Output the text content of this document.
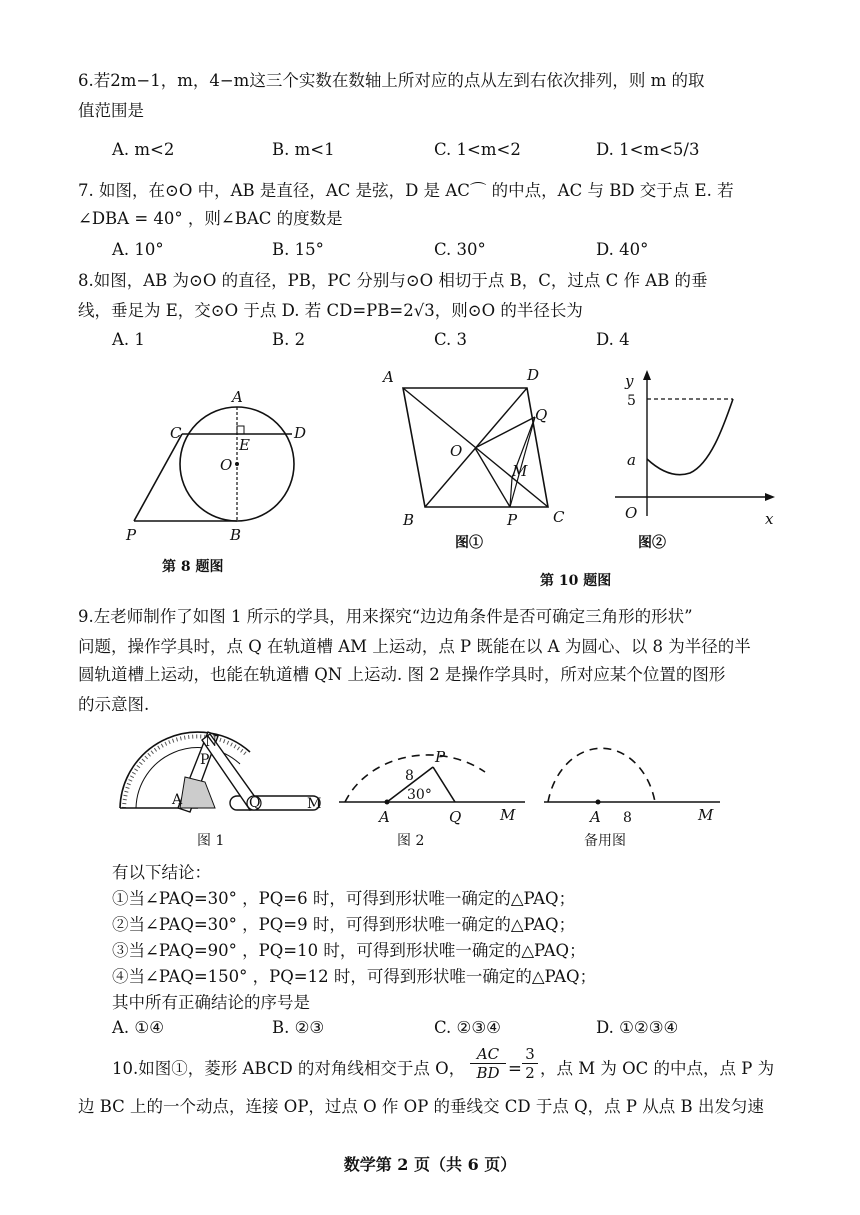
6.若2m−1，m，4−m这三个实数在数轴上所对应的点从左到右依次排列，则 m 的取
值范围是
A. m<2	B. m<1	C. 1<m<2	D. 1<m<5/3
7. 如图，在⊙O 中，AB 是直径，AC 是弦，D 是 AC⌒ 的中点，AC 与 BD 交于点 E. 若
∠DBA = 40° ，则∠BAC 的度数是
A. 10°	B. 15°	C. 30°	D. 40°
8.如图，AB 为⊙O 的直径，PB，PC 分别与⊙O 相切于点 B，C，过点 C 作 AB 的垂
线，垂足为 E，交⊙O 于点 D. 若 CD=PB=2√3，则⊙O 的半径长为
A. 1	B. 2	C. 3	D. 4
A
C	D
E
O
P	B
第 8 题图
A	D
Q
O
M
B	P C
图①
y
5
a
O	x
图②
第 10 题图
9.左老师制作了如图 1 所示的学具，用来探究“边边角条件是否可确定三角形的形状”
问题，操作学具时，点 Q 在轨道槽 AM 上运动，点 P 既能在以 A 为圆心、以 8 为半径的半
圆轨道槽上运动，也能在轨道槽 QN 上运动. 图 2 是操作学具时，所对应某个位置的图形
的示意图.
A	Q	M
N
P
图 1
P
8
30°
A	Q	M
图 2
A 8	M
备用图
有以下结论：
①当∠PAQ=30° ，PQ=6 时，可得到形状唯一确定的△PAQ；
②当∠PAQ=30° ，PQ=9 时，可得到形状唯一确定的△PAQ；
③当∠PAQ=90° ，PQ=10 时，可得到形状唯一确定的△PAQ；
④当∠PAQ=150° ，PQ=12 时，可得到形状唯一确定的△PAQ；
其中所有正确结论的序号是
A. ①④	B. ②③	C. ②③④	D. ①②③④
10.如图①，菱形 ABCD 的对角线相交于点 O， $\frac{AC}{BD} = \frac{3}{2}$ ，点 M 为 OC 的中点，点 P 为
边 BC 上的一个动点，连接 OP，过点 O 作 OP 的垂线交 CD 于点 Q，点 P 从点 B 出发匀速
数学第 2 页（共 6 页）
